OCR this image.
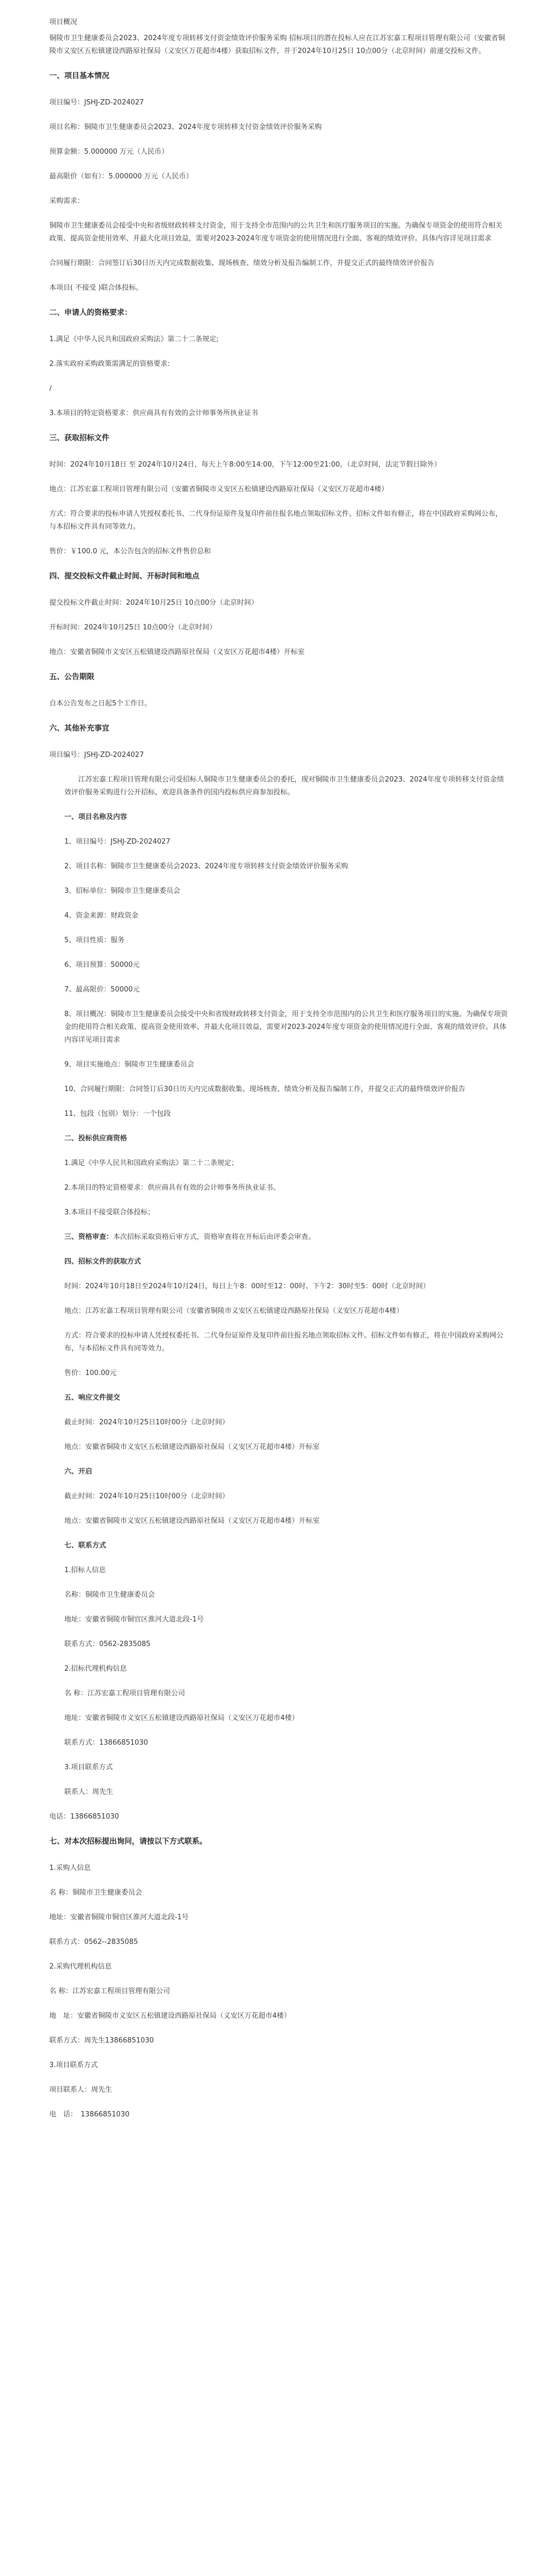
项目概况

铜陵市卫生健康委员会2023、2024年度专项转移支付资金绩效评价服务采购 招标项目的潜在投标人应在江苏宏嘉工程项目管理有限公司（安徽省铜陵市义安区五松镇建设西路原社保局（义安区万花超市4楼）获取招标文件，并于2024年10月25日 10点00分（北京时间）前递交投标文件。

一、项目基本情况

项目编号：JSHJ-ZD-2024027

项目名称：铜陵市卫生健康委员会2023、2024年度专项转移支付资金绩效评价服务采购

预算金额：5.000000 万元（人民币）

最高限价（如有）：5.000000 万元（人民币）

采购需求：

铜陵市卫生健康委员会接受中央和省级财政转移支付资金，用于支持全市范围内的公共卫生和医疗服务项目的实施。为确保专项资金的使用符合相关政策、提高资金使用效率、并最大化项目效益，需要对2023-2024年度专项资金的使用情况进行全面、客观的绩效评价。具体内容详见项目需求

合同履行期限：合同签订后30日历天内完成数据收集、现场核查、绩效分析及报告编制工作，并提交正式的最终绩效评价报告

本项目( 不接受 )联合体投标。

二、申请人的资格要求：

1.满足《中华人民共和国政府采购法》第二十二条规定;

2.落实政府采购政策需满足的资格要求:

/

3.本项目的特定资格要求：供应商具有有效的会计师事务所执业证书

三、获取招标文件

时间：2024年10月18日 至 2024年10月24日，每天上午8:00至14:00，下午12:00至21:00。（北京时间，法定节假日除外）

地点：江苏宏嘉工程项目管理有限公司（安徽省铜陵市义安区五松镇建设西路原社保局（义安区万花超市4楼）

方式：符合要求的投标申请人凭授权委托书、二代身份证原件及复印件前往报名地点领取招标文件。招标文件如有修正，将在中国政府采购网公布，与本招标文件具有同等效力。

售价：￥100.0 元，本公告包含的招标文件售价总和

四、提交投标文件截止时间、开标时间和地点

提交投标文件截止时间：2024年10月25日 10点00分（北京时间）

开标时间：2024年10月25日 10点00分（北京时间）

地点：安徽省铜陵市义安区五松镇建设西路原社保局（义安区万花超市4楼）开标室

五、公告期限

自本公告发布之日起5个工作日。

六、其他补充事宜

项目编号：JSHJ-ZD-2024027

江苏宏嘉工程项目管理有限公司受招标人铜陵市卫生健康委员会的委托，现对铜陵市卫生健康委员会2023、2024年度专项转移支付资金绩效评价服务采购进行公开招标，欢迎具备条件的国内投标供应商参加投标。

一、项目名称及内容

1、项目编号：JSHJ-ZD-2024027

2、项目名称：铜陵市卫生健康委员会2023、2024年度专项转移支付资金绩效评价服务采购

3、招标单位：铜陵市卫生健康委员会

4、资金来源：财政资金

5、项目性质：服务

6、项目预算：50000元

7、最高限价：50000元

8、项目概况：铜陵市卫生健康委员会接受中央和省级财政转移支付资金，用于支持全市范围内的公共卫生和医疗服务项目的实施。为确保专项资金的使用符合相关政策、提高资金使用效率、并最大化项目效益，需要对2023-2024年度专项资金的使用情况进行全面、客观的绩效评价。具体内容详见项目需求

9、项目实施地点：铜陵市卫生健康委员会

10、合同履行期限：合同签订后30日历天内完成数据收集、现场核查、绩效分析及报告编制工作，并提交正式的最终绩效评价报告

11、包段（包别）划分：一个包段

二、投标供应商资格

1.满足《中华人民共和国政府采购法》第二十二条规定；

2.本项目的特定资格要求：供应商具有有效的会计师事务所执业证书。

3.本项目不接受联合体投标；

三、资格审查：本次招标采取资格后审方式，资格审查将在开标后由评委会审查。

四、招标文件的获取方式

时间：2024年10月18日至2024年10月24日，每日上午8：00时至12：00时、下午2：30时至5：00时（北京时间）

地点：江苏宏嘉工程项目管理有限公司（安徽省铜陵市义安区五松镇建设西路原社保局（义安区万花超市4楼）

方式：符合要求的投标申请人凭授权委托书、二代身份证原件及复印件前往报名地点领取招标文件。招标文件如有修正，将在中国政府采购网公布，与本招标文件具有同等效力。

售价：100.00元

五、响应文件提交

截止时间：2024年10月25日10时00分（北京时间）

地点：安徽省铜陵市义安区五松镇建设西路原社保局（义安区万花超市4楼）开标室

六、开启

截止时间：2024年10月25日10时00分（北京时间）

地点：安徽省铜陵市义安区五松镇建设西路原社保局（义安区万花超市4楼）开标室

七、联系方式

1.招标人信息

名称：铜陵市卫生健康委员会

地址：安徽省铜陵市铜官区淮河大道北段-1号

联系方式：0562-2835085

2.招标代理机构信息

名 称：江苏宏嘉工程项目管理有限公司

地址：安徽省铜陵市义安区五松镇建设西路原社保局（义安区万花超市4楼）

联系方式：13866851030

3.项目联系方式

联系人：周先生

电话：13866851030

七、对本次招标提出询问，请按以下方式联系。

1.采购人信息

名 称：铜陵市卫生健康委员会

地址：安徽省铜陵市铜官区淮河大道北段-1号

联系方式：0562--2835085

2.采购代理机构信息

名 称：江苏宏嘉工程项目管理有限公司

地　址：安徽省铜陵市义安区五松镇建设西路原社保局（义安区万花超市4楼）

联系方式：周先生13866851030

3.项目联系方式

项目联系人：周先生

电　话：　13866851030
